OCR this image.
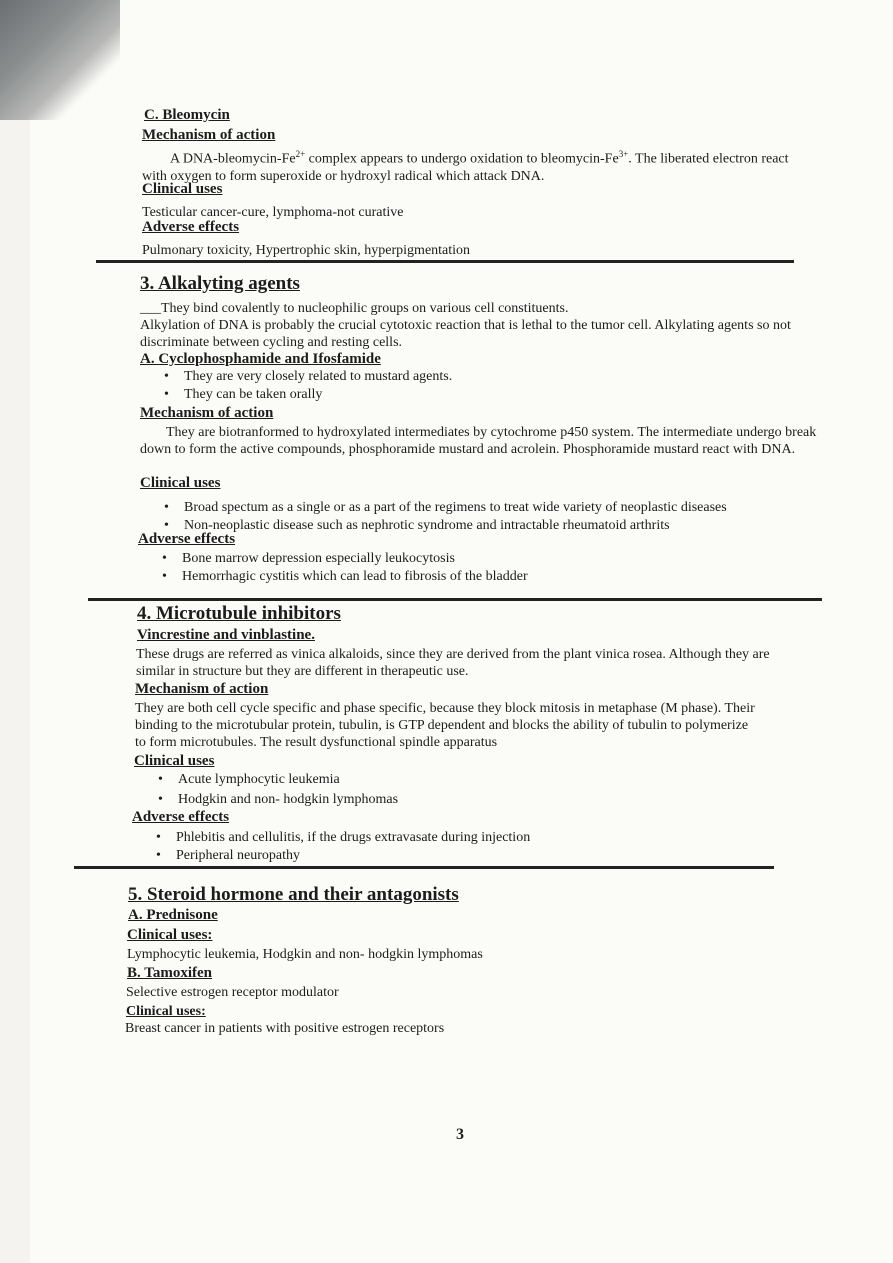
C. Bleomycin
Mechanism of action
A DNA-$bleomycin-Fe^{2+}$ complex appears to undergo oxidation to bleomycin-$Fe^{3+}$. The liberated electron react with oxygen to form superoxide or hydroxyl radical which attack DNA.
Clinical uses
Testicular cancer-cure, lymphoma-not curative
Adverse effects
Pulmonary toxicity, Hypertrophic skin, hyperpigmentation
3. Alkalyting agents
___They bind covalently to nucleophilic groups on various cell constituents.
Alkylation of DNA is probably the crucial cytotoxic reaction that is lethal to the tumor cell. Alkylating agents so not discriminate between cycling and resting cells.
A. Cyclophosphamide and Ifosfamide
• They are very closely related to mustard agents.
• They can be taken orally
Mechanism of action
They are biotranformed to hydroxylated intermediates by cytochrome p450 system. The intermediate undergo break down to form the active compounds, phosphoramide mustard and acrolein. Phosphoramide mustard react with DNA.
Clinical uses
• Broad spectum as a single or as a part of the regimens to treat wide variety of neoplastic diseases
• Non-neoplastic disease such as nephrotic syndrome and intractable rheumatoid arthrits
Adverse effects
• Bone marrow depression especially leukocytosis
• Hemorrhagic cystitis which can lead to fibrosis of the bladder
4. Microtubule inhibitors
Vincrestine and vinblastine.
These drugs are referred as vinica alkaloids, since they are derived from the plant vinica rosea. Although they are similar in structure but they are different in therapeutic use.
Mechanism of action
They are both cell cycle specific and phase specific, because they block mitosis in metaphase (M phase). Their binding to the microtubular protein, tubulin, is GTP dependent and blocks the ability of tubulin to polymerize to form microtubules. The result dysfunctional spindle apparatus
Clinical uses
• Acute lymphocytic leukemia
• Hodgkin and non- hodgkin lymphomas
Adverse effects
• Phlebitis and cellulitis, if the drugs extravasate during injection
• Peripheral neuropathy
5. Steroid hormone and their antagonists
A. Prednisone
Clinical uses:
Lymphocytic leukemia, Hodgkin and non- hodgkin lymphomas
B. Tamoxifen
Selective estrogen receptor modulator
Clinical uses:
Breast cancer in patients with positive estrogen receptors
3
